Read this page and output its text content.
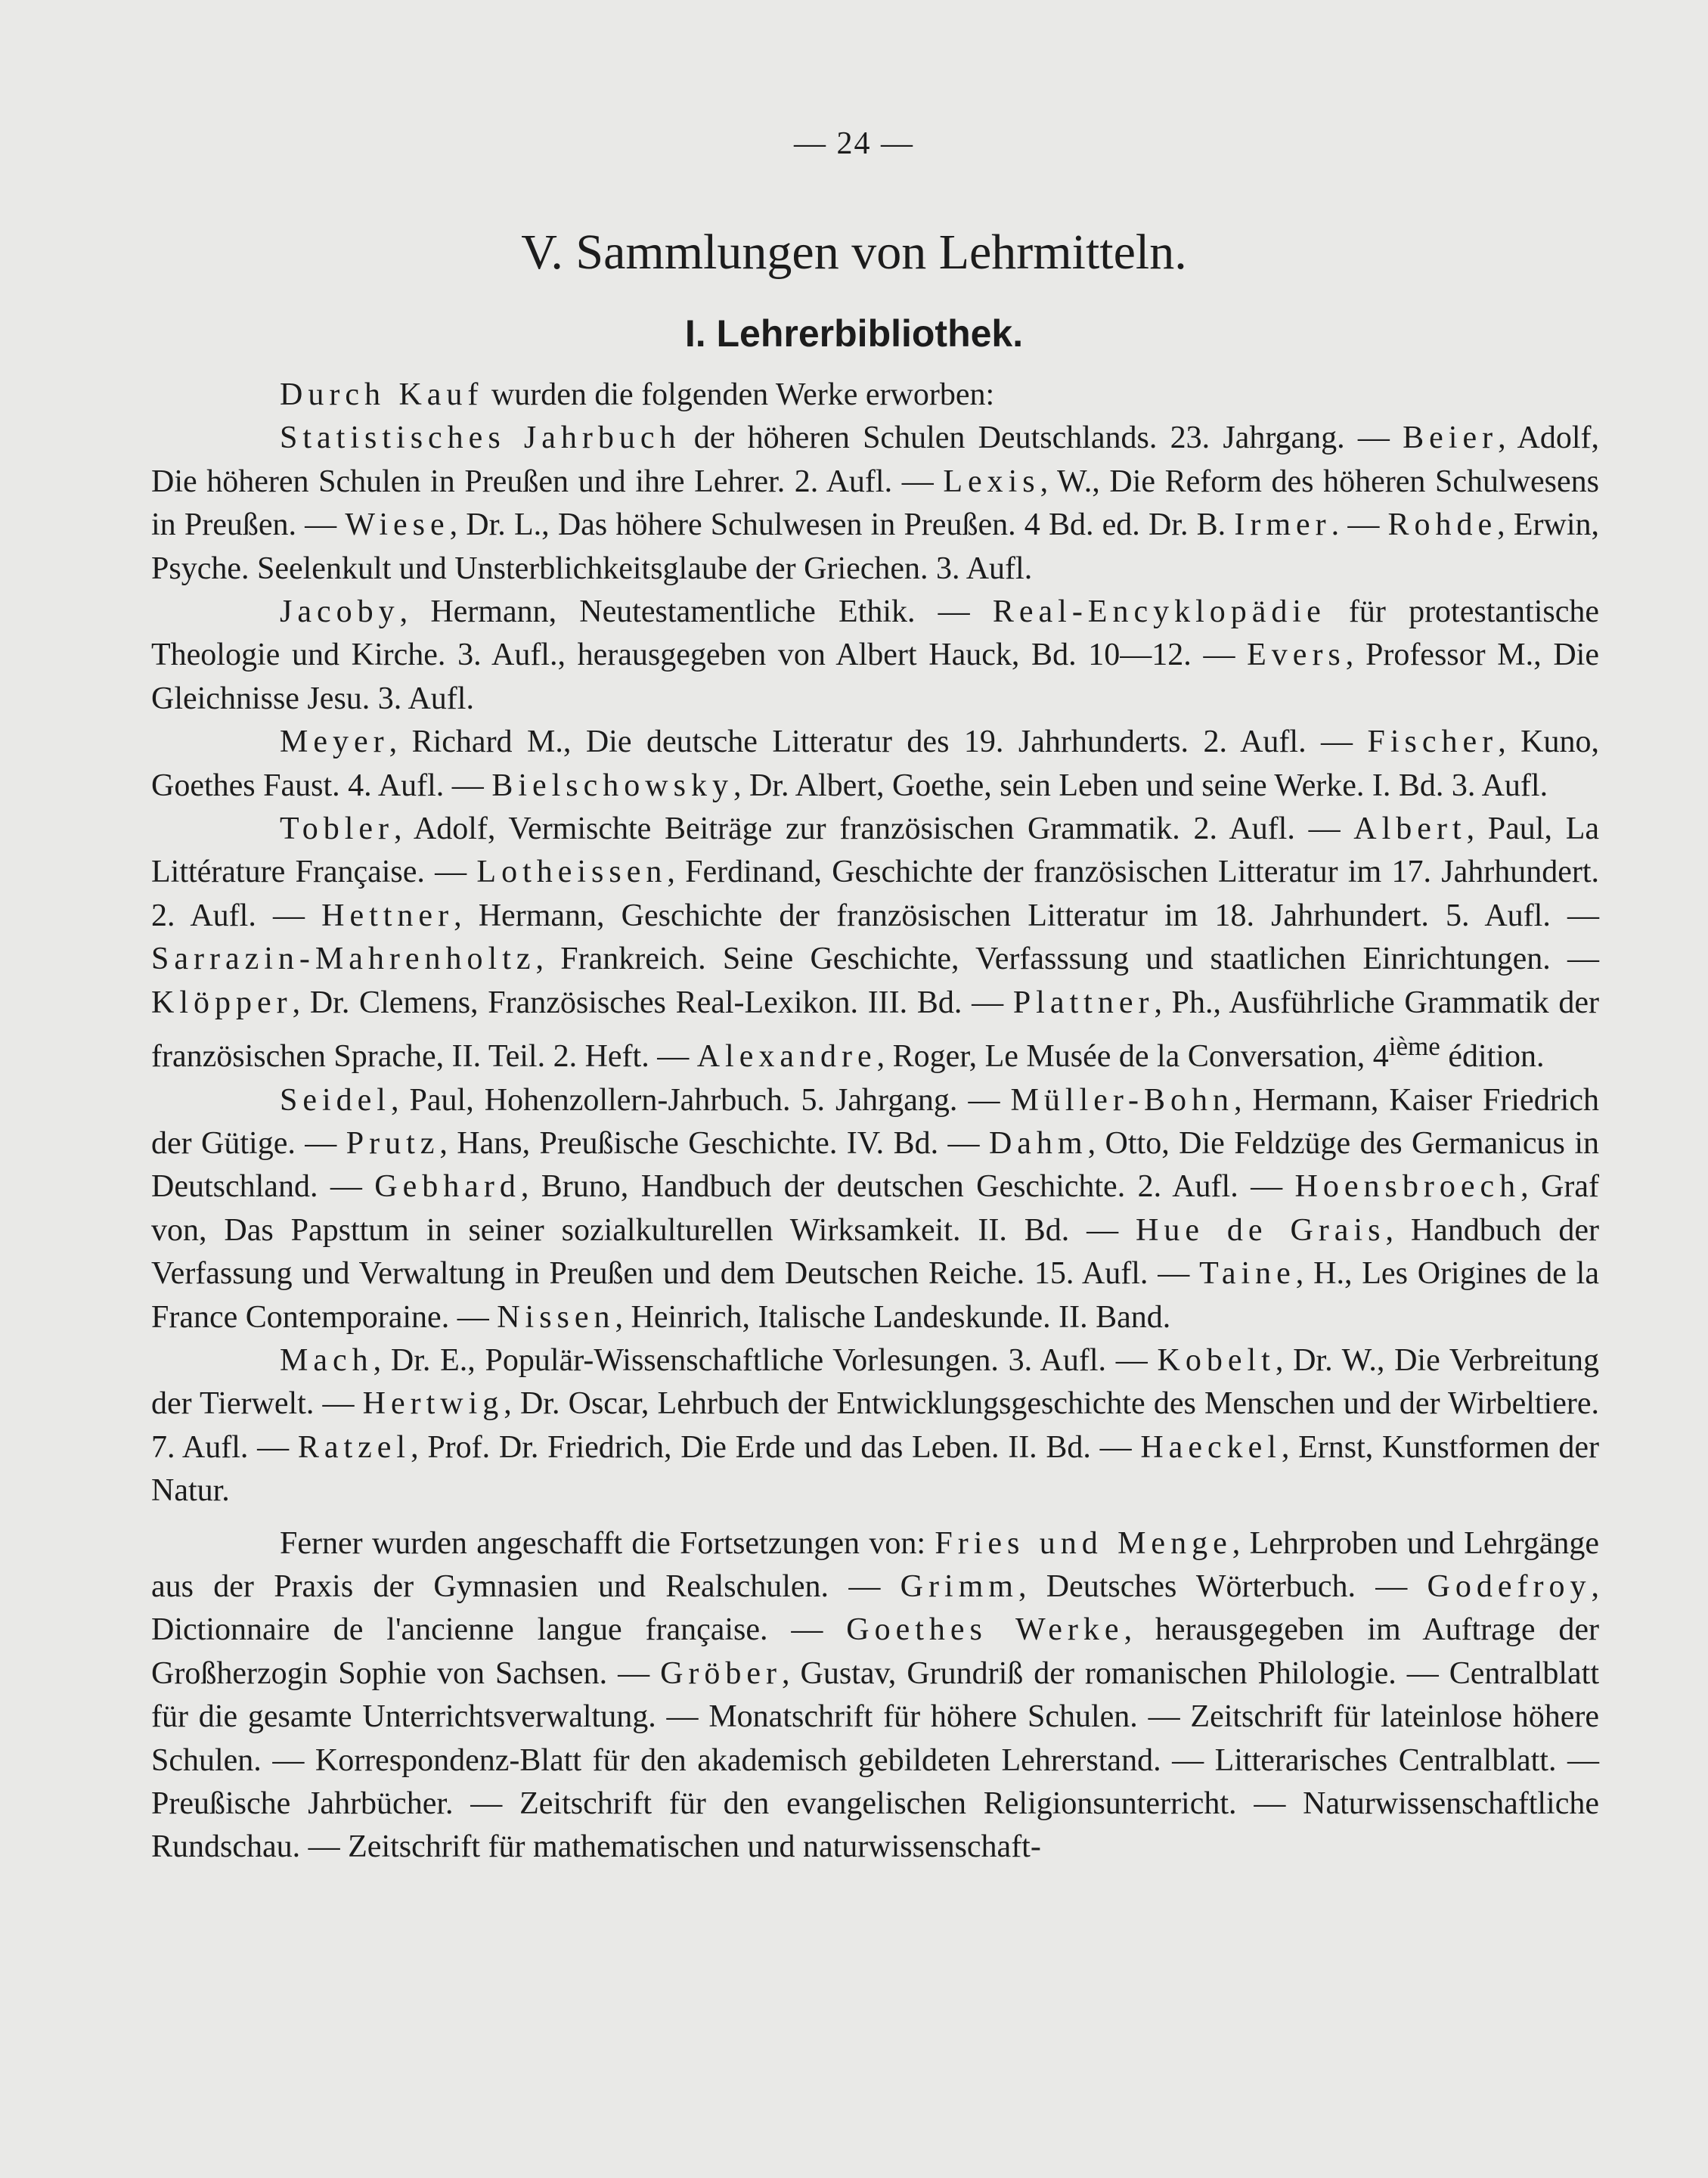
— 24 —
V. Sammlungen von Lehrmitteln.
I. Lehrerbibliothek.

Durch Kauf wurden die folgenden Werke erworben:

Statistisches Jahrbuch der höheren Schulen Deutschlands. 23. Jahrgang. — Beier, Adolf, Die höheren Schulen in Preußen und ihre Lehrer. 2. Aufl. — Lexis, W., Die Reform des höheren Schulwesens in Preußen. — Wiese, Dr. L., Das höhere Schulwesen in Preußen. 4 Bd. ed. Dr. B. Irmer. — Rohde, Erwin, Psyche. Seelenkult und Unsterblichkeitsglaube der Griechen. 3. Aufl.

Jacoby, Hermann, Neutestamentliche Ethik. — Real-Encyklopädie für protestantische Theologie und Kirche. 3. Aufl., herausgegeben von Albert Hauck, Bd. 10—12. — Evers, Professor M., Die Gleichnisse Jesu. 3. Aufl.

Meyer, Richard M., Die deutsche Litteratur des 19. Jahrhunderts. 2. Aufl. — Fischer, Kuno, Goethes Faust. 4. Aufl. — Bielschowsky, Dr. Albert, Goethe, sein Leben und seine Werke. I. Bd. 3. Aufl.

Tobler, Adolf, Vermischte Beiträge zur französischen Grammatik. 2. Aufl. — Albert, Paul, La Littérature Française. — Lotheissen, Ferdinand, Geschichte der französischen Litteratur im 17. Jahrhundert. 2. Aufl. — Hettner, Hermann, Geschichte der französischen Litteratur im 18. Jahrhundert. 5. Aufl. — Sarrazin-Mahrenholtz, Frankreich. Seine Geschichte, Verfasssung und staatlichen Einrichtungen. — Klöpper, Dr. Clemens, Französisches Real-Lexikon. III. Bd. — Plattner, Ph., Ausführliche Grammatik der französischen Sprache, II. Teil. 2. Heft. — Alexandre, Roger, Le Musée de la Conversation, 4ième édition.

Seidel, Paul, Hohenzollern-Jahrbuch. 5. Jahrgang. — Müller-Bohn, Hermann, Kaiser Friedrich der Gütige. — Prutz, Hans, Preußische Geschichte. IV. Bd. — Dahm, Otto, Die Feldzüge des Germanicus in Deutschland. — Gebhard, Bruno, Handbuch der deutschen Geschichte. 2. Aufl. — Hoensbroech, Graf von, Das Papsttum in seiner sozialkulturellen Wirksamkeit. II. Bd. — Hue de Grais, Handbuch der Verfassung und Verwaltung in Preußen und dem Deutschen Reiche. 15. Aufl. — Taine, H., Les Origines de la France Contemporaine. — Nissen, Heinrich, Italische Landeskunde. II. Band.

Mach, Dr. E., Populär-Wissenschaftliche Vorlesungen. 3. Aufl. — Kobelt, Dr. W., Die Verbreitung der Tierwelt. — Hertwig, Dr. Oscar, Lehrbuch der Entwicklungsgeschichte des Menschen und der Wirbeltiere. 7. Aufl. — Ratzel, Prof. Dr. Friedrich, Die Erde und das Leben. II. Bd. — Haeckel, Ernst, Kunstformen der Natur.

Ferner wurden angeschafft die Fortsetzungen von: Fries und Menge, Lehrproben und Lehrgänge aus der Praxis der Gymnasien und Realschulen. — Grimm, Deutsches Wörterbuch. — Godefroy, Dictionnaire de l'ancienne langue française. — Goethes Werke, herausgegeben im Auftrage der Großherzogin Sophie von Sachsen. — Gröber, Gustav, Grundriß der romanischen Philologie. — Centralblatt für die gesamte Unterrichtsverwaltung. — Monatschrift für höhere Schulen. — Zeitschrift für lateinlose höhere Schulen. — Korrespondenz-Blatt für den akademisch gebildeten Lehrerstand. — Litterarisches Centralblatt. — Preußische Jahrbücher. — Zeitschrift für den evangelischen Religionsunterricht. — Naturwissenschaftliche Rundschau. — Zeitschrift für mathematischen und naturwissenschaft-
